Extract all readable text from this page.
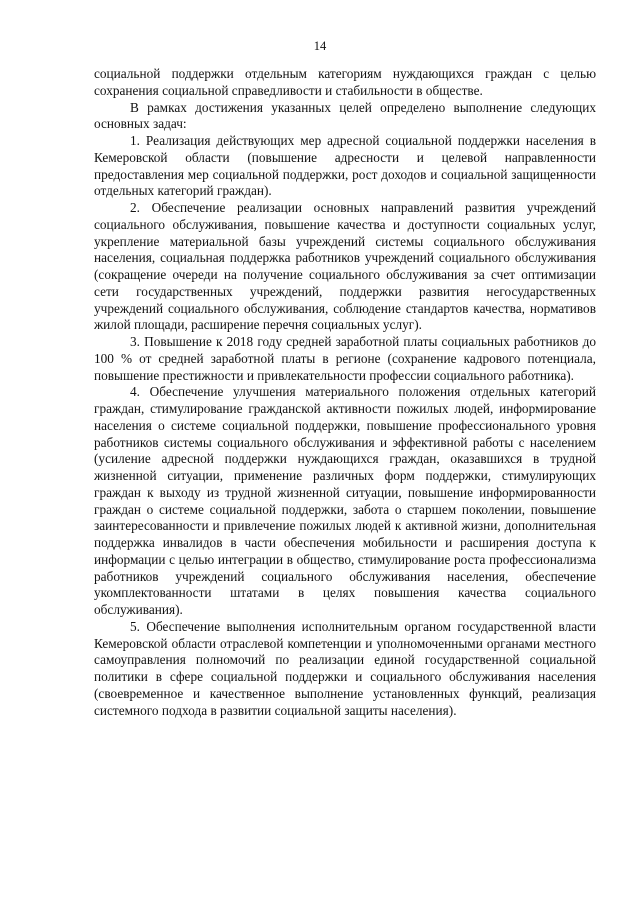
14

социальной поддержки отдельным категориям нуждающихся граждан с целью сохранения социальной справедливости и стабильности в обществе.

В рамках достижения указанных целей определено выполнение следующих основных задач:

1. Реализация действующих мер адресной социальной поддержки населения в Кемеровской области (повышение адресности и целевой направленности предоставления мер социальной поддержки, рост доходов и социальной защищенности отдельных категорий граждан).

2. Обеспечение реализации основных направлений развития учреждений социального обслуживания, повышение качества и доступности социальных услуг, укрепление материальной базы учреждений системы социального обслуживания населения, социальная поддержка работников учреждений социального обслуживания (сокращение очереди на получение социального обслуживания за счет оптимизации сети государственных учреждений, поддержки развития негосударственных учреждений социального обслуживания, соблюдение стандартов качества, нормативов жилой площади, расширение перечня социальных услуг).

3. Повышение к 2018 году средней заработной платы социальных работников до 100 % от средней заработной платы в регионе (сохранение кадрового потенциала, повышение престижности и привлекательности профессии социального работника).

4. Обеспечение улучшения материального положения отдельных категорий граждан, стимулирование гражданской активности пожилых людей, информирование населения о системе социальной поддержки, повышение профессионального уровня работников системы социального обслуживания и эффективной работы с населением (усиление адресной поддержки нуждающихся граждан, оказавшихся в трудной жизненной ситуации, применение различных форм поддержки, стимулирующих граждан к выходу из трудной жизненной ситуации, повышение информированности граждан о системе социальной поддержки, забота о старшем поколении, повышение заинтересованности и привлечение пожилых людей к активной жизни, дополнительная поддержка инвалидов в части обеспечения мобильности и расширения доступа к информации с целью интеграции в общество, стимулирование роста профессионализма работников учреждений социального обслуживания населения, обеспечение укомплектованности штатами в целях повышения качества социального обслуживания).

5. Обеспечение выполнения исполнительным органом государственной власти Кемеровской области отраслевой компетенции и уполномоченными органами местного самоуправления полномочий по реализации единой государственной социальной политики в сфере социальной поддержки и социального обслуживания населения (своевременное и качественное выполнение установленных функций, реализация системного подхода в развитии социальной защиты населения).
